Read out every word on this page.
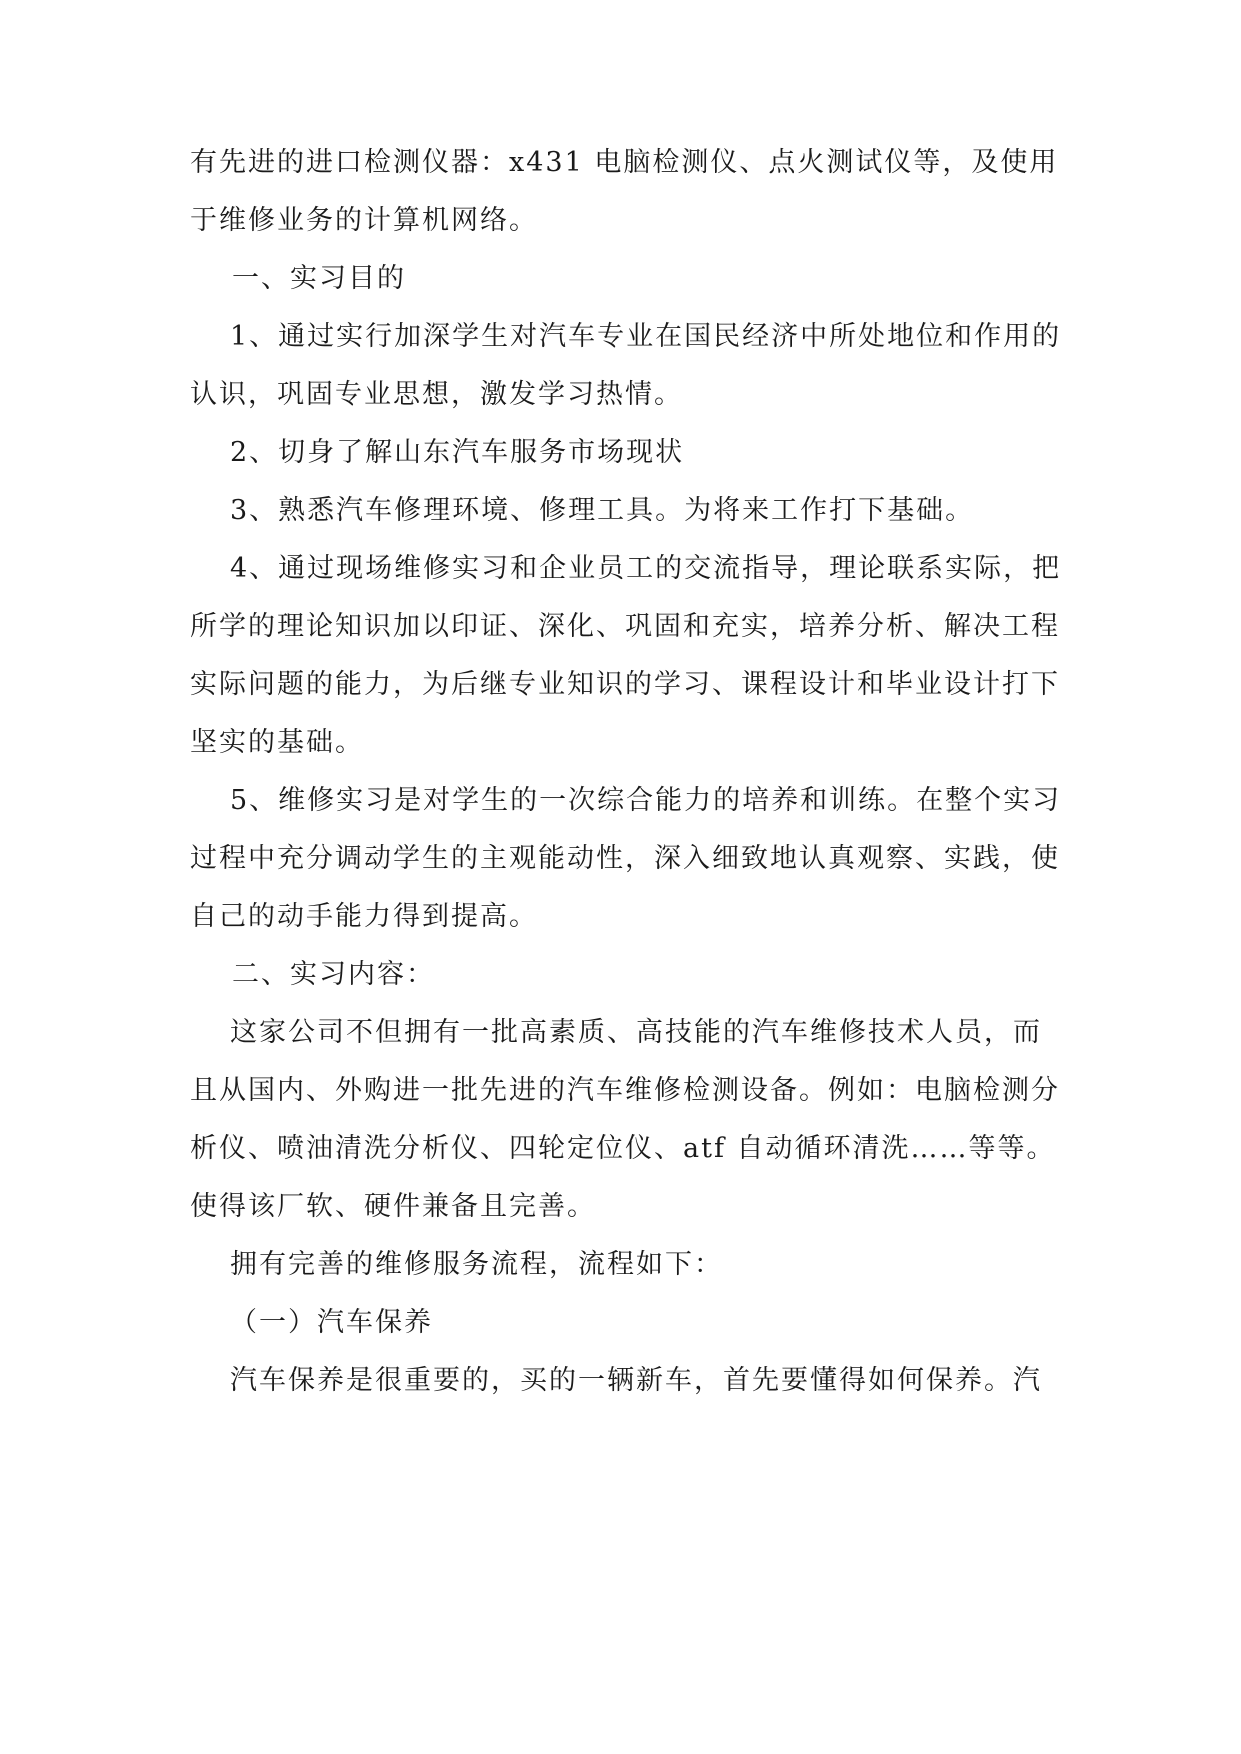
有先进的进口检测仪器：x431 电脑检测仪、点火测试仪等，及使用

于维修业务的计算机网络。

一、实习目的

1、通过实行加深学生对汽车专业在国民经济中所处地位和作用的

认识，巩固专业思想，激发学习热情。

2、切身了解山东汽车服务市场现状

3、熟悉汽车修理环境、修理工具。为将来工作打下基础。

4、通过现场维修实习和企业员工的交流指导，理论联系实际，把

所学的理论知识加以印证、深化、巩固和充实，培养分析、解决工程

实际问题的能力，为后继专业知识的学习、课程设计和毕业设计打下

坚实的基础。

5、维修实习是对学生的一次综合能力的培养和训练。在整个实习

过程中充分调动学生的主观能动性，深入细致地认真观察、实践，使

自己的动手能力得到提高。

二、实习内容：

这家公司不但拥有一批高素质、高技能的汽车维修技术人员，而

且从国内、外购进一批先进的汽车维修检测设备。例如：电脑检测分

析仪、喷油清洗分析仪、四轮定位仪、atf 自动循环清洗……等等。

使得该厂软、硬件兼备且完善。

拥有完善的维修服务流程，流程如下：

（一）汽车保养

汽车保养是很重要的，买的一辆新车，首先要懂得如何保养。汽
